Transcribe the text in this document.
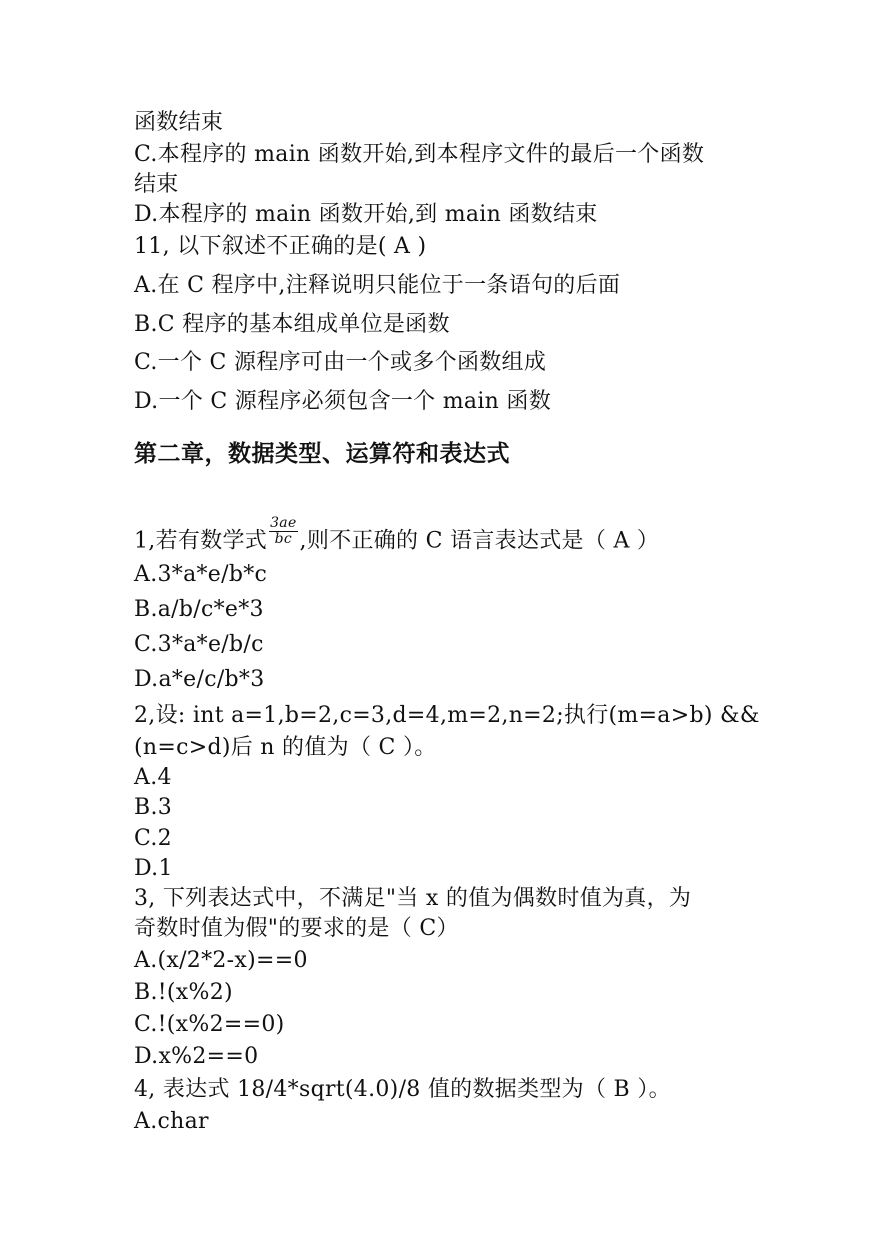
函数结束
C.本程序的 main 函数开始,到本程序文件的最后一个函数
结束
D.本程序的 main 函数开始,到 main 函数结束
11, 以下叙述不正确的是( A )
A.在 C 程序中,注释说明只能位于一条语句的后面
B.C 程序的基本组成单位是函数
C.一个 C 源程序可由一个或多个函数组成
D.一个 C 源程序必须包含一个 main 函数
第二章，数据类型、运算符和表达式
1,若有数学式 $\frac{3ae}{bc}$ ,则不正确的 C 语言表达式是（ A ）
A.3*a*e/b*c
B.a/b/c*e*3
C.3*a*e/b/c
D.a*e/c/b*3
2,设: int a=1,b=2,c=3,d=4,m=2,n=2;执行(m=a>b) &&
(n=c>d)后 n 的值为（ C ）。
A.4
B.3
C.2
D.1
3, 下列表达式中，不满足"当 x 的值为偶数时值为真，为
奇数时值为假"的要求的是（ C）
A.(x/2*2-x)==0
B.!(x%2)
C.!(x%2==0)
D.x%2==0
4, 表达式 18/4*sqrt(4.0)/8 值的数据类型为（ B ）。
A.char
